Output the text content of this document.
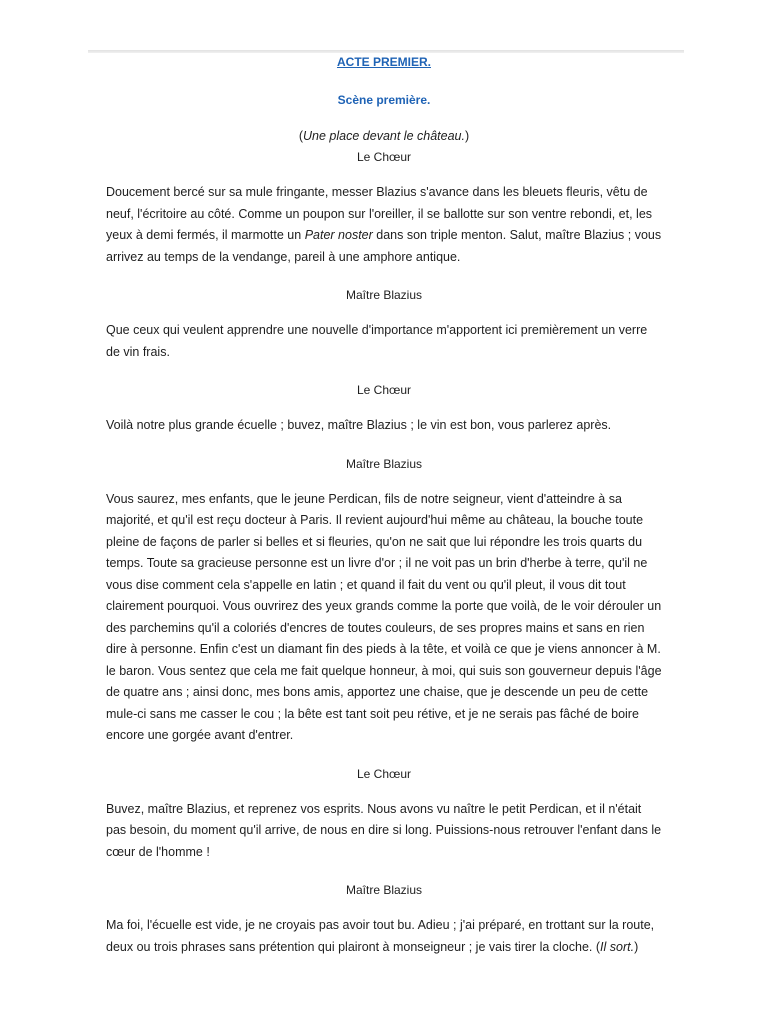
ACTE PREMIER.
Scène première.
(Une place devant le château.)
Le Chœur

Doucement bercé sur sa mule fringante, messer Blazius s'avance dans les bleuets fleuris, vêtu de neuf, l'écritoire au côté. Comme un poupon sur l'oreiller, il se ballotte sur son ventre rebondi, et, les yeux à demi fermés, il marmotte un Pater noster dans son triple menton. Salut, maître Blazius ; vous arrivez au temps de la vendange, pareil à une amphore antique.

Maître Blazius

Que ceux qui veulent apprendre une nouvelle d'importance m'apportent ici premièrement un verre de vin frais.

Le Chœur

Voilà notre plus grande écuelle ; buvez, maître Blazius ; le vin est bon, vous parlerez après.

Maître Blazius

Vous saurez, mes enfants, que le jeune Perdican, fils de notre seigneur, vient d'atteindre à sa majorité, et qu'il est reçu docteur à Paris. Il revient aujourd'hui même au château, la bouche toute pleine de façons de parler si belles et si fleuries, qu'on ne sait que lui répondre les trois quarts du temps. Toute sa gracieuse personne est un livre d'or ; il ne voit pas un brin d'herbe à terre, qu'il ne vous dise comment cela s'appelle en latin ; et quand il fait du vent ou qu'il pleut, il vous dit tout clairement pourquoi. Vous ouvrirez des yeux grands comme la porte que voilà, de le voir dérouler un des parchemins qu'il a coloriés d'encres de toutes couleurs, de ses propres mains et sans en rien dire à personne. Enfin c'est un diamant fin des pieds à la tête, et voilà ce que je viens annoncer à M. le baron. Vous sentez que cela me fait quelque honneur, à moi, qui suis son gouverneur depuis l'âge de quatre ans ; ainsi donc, mes bons amis, apportez une chaise, que je descende un peu de cette mule-ci sans me casser le cou ; la bête est tant soit peu rétive, et je ne serais pas fâché de boire encore une gorgée avant d'entrer.

Le Chœur

Buvez, maître Blazius, et reprenez vos esprits. Nous avons vu naître le petit Perdican, et il n'était pas besoin, du moment qu'il arrive, de nous en dire si long. Puissions-nous retrouver l'enfant dans le cœur de l'homme !

Maître Blazius

Ma foi, l'écuelle est vide, je ne croyais pas avoir tout bu. Adieu ; j'ai préparé, en trottant sur la route, deux ou trois phrases sans prétention qui plairont à monseigneur ; je vais tirer la cloche. (Il sort.)
